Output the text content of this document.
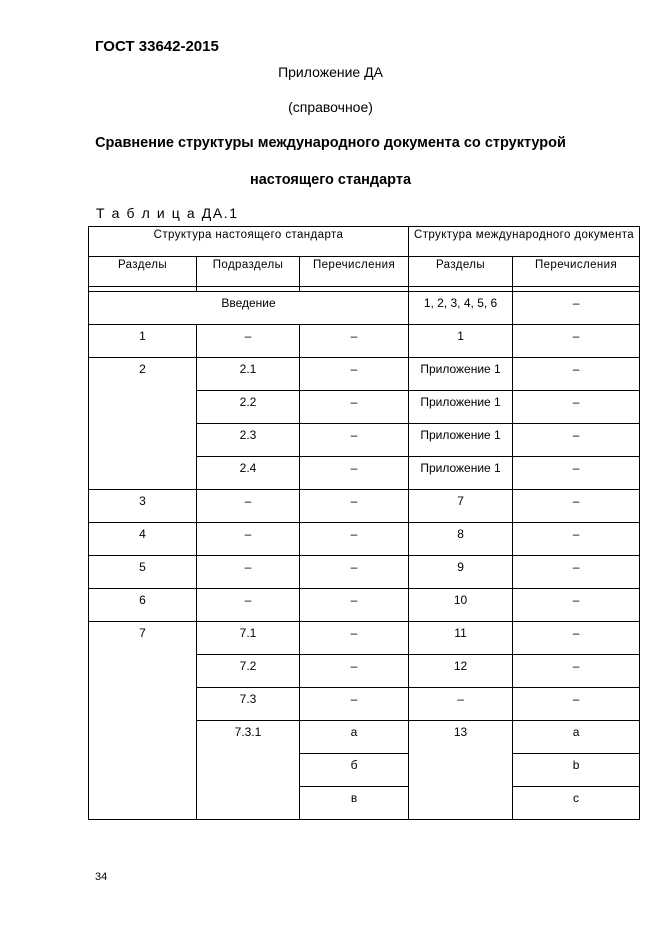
ГОСТ 33642-2015
Приложение ДА
(справочное)
Сравнение структуры международного документа со структурой
настоящего стандарта
Т а б л и ц а ДА.1
Структура настоящего стандарта			Структура международного документа	
Разделы	Подразделы	Перечисления	Разделы	Перечисления

Введение			1, 2, 3, 4, 5, 6	–
1	–	–	1	–
2	2.1	–	Приложение 1	–
	2.2	–	Приложение 1	–
	2.3	–	Приложение 1	–
	2.4	–	Приложение 1	–
3	–	–	7	–
4	–	–	8	–
5	–	–	9	–
6	–	–	10	–
7	7.1	–	11	–
	7.2	–	12	–
	7.3	–	–	–
	7.3.1	а	13	a
		б		b
		в		c
34
